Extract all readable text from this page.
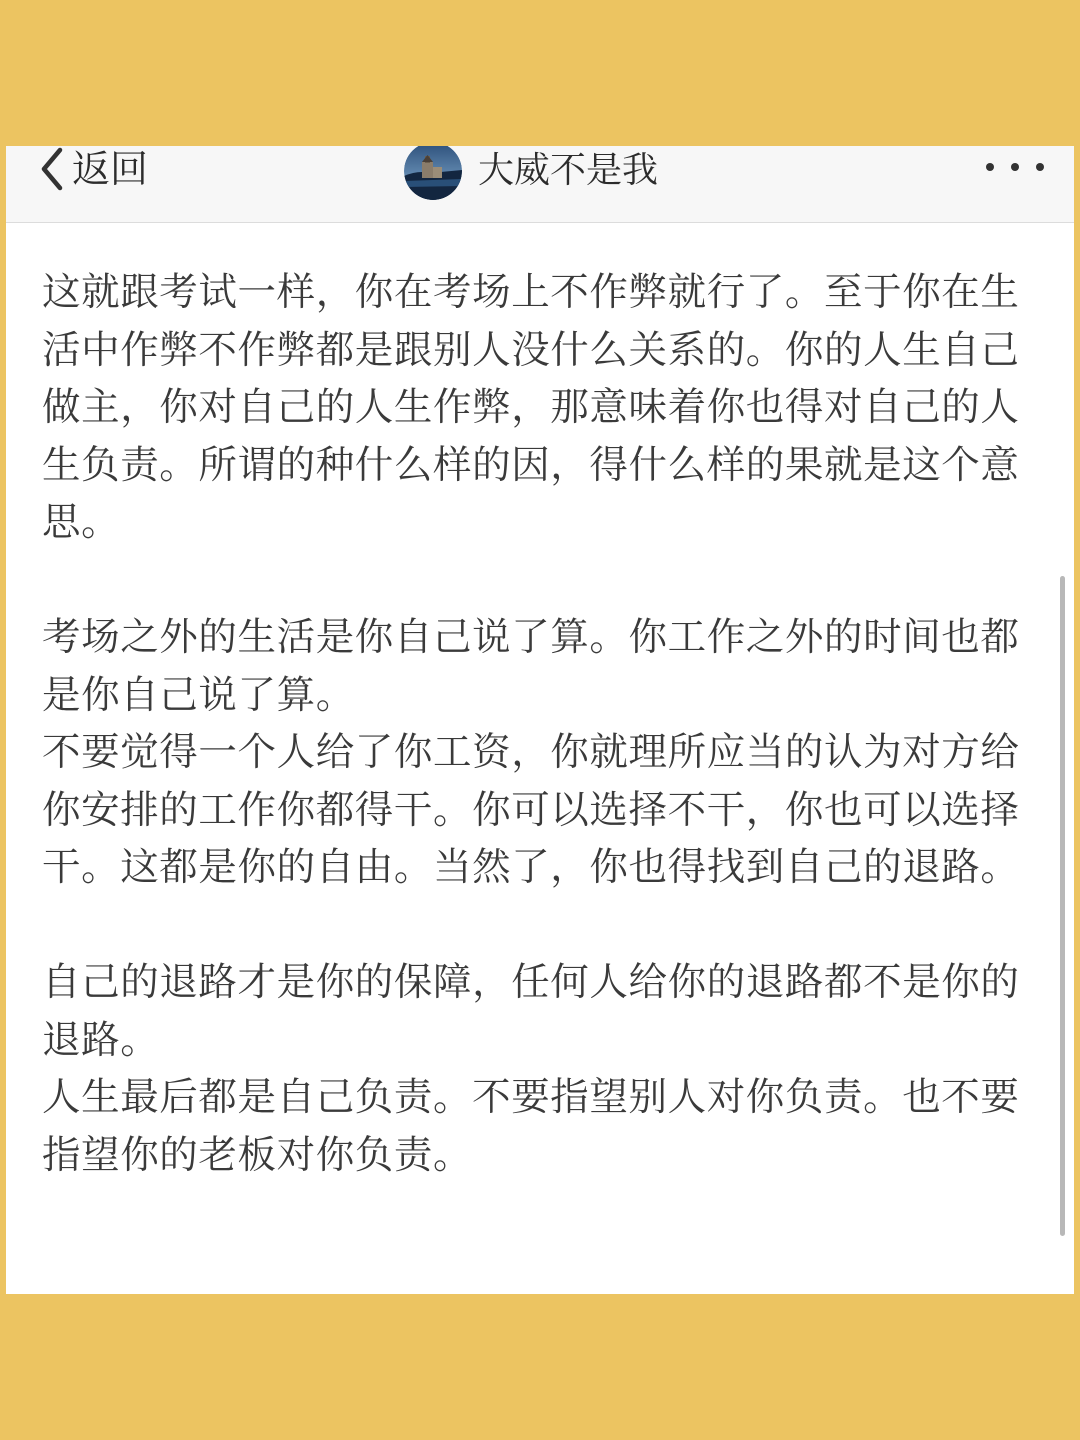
返回	大威不是我

这就跟考试一样，你在考场上不作弊就行了。至于你在生活中作弊不作弊都是跟别人没什么关系的。你的人生自己做主，你对自己的人生作弊，那意味着你也得对自己的人生负责。所谓的种什么样的因，得什么样的果就是这个意思。

考场之外的生活是你自己说了算。你工作之外的时间也都是你自己说了算。

不要觉得一个人给了你工资，你就理所应当的认为对方给你安排的工作你都得干。你可以选择不干，你也可以选择干。这都是你的自由。当然了，你也得找到自己的退路。

自己的退路才是你的保障，任何人给你的退路都不是你的退路。

人生最后都是自己负责。不要指望别人对你负责。也不要指望你的老板对你负责。
